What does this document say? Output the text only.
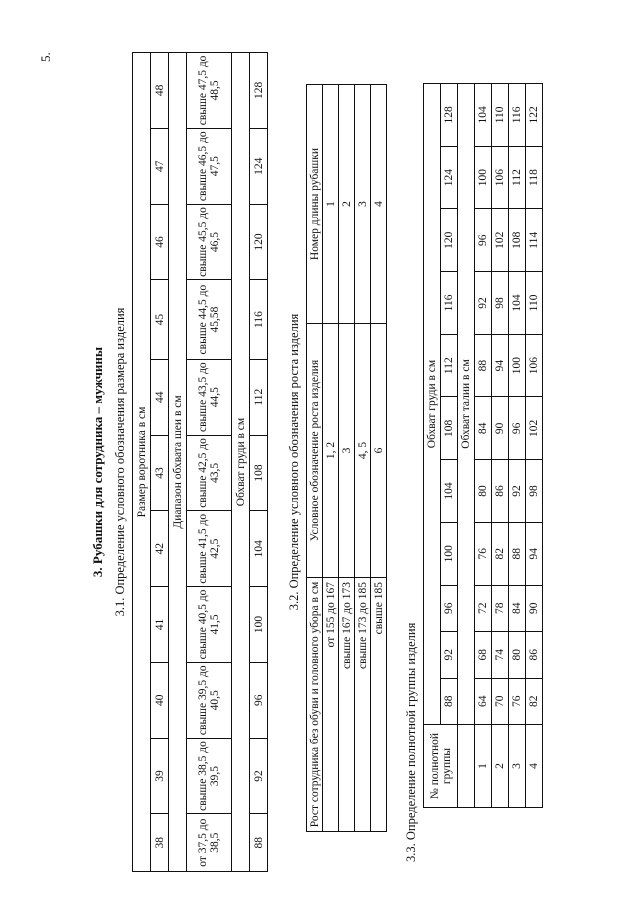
5.
3. Рубашки для сотрудника – мужчины 3.1. Определение условного обозначения размера изделия Размер воротника в см										
38	39	40	41	42	43	44	45	46	47	48
Диапазон обхвата шеи в см										
от 37,5 до 38,5	свыше 38,5 до 39,5	свыше 39,5 до 40,5	свыше 40,5 до 41,5	свыше 41,5 до 42,5	свыше 42,5 до 43,5	свыше 43,5 до 44,5	свыше 44,5 до 45,58	свыше 45,5 до 46,5	свыше 46,5 до 47,5	свыше 47,5 до 48,5
Обхват груди в см										
88	92	96	100	104	108	112	116	120	124	128
3.2. Определение условного обозначения роста изделия
Рост сотрудника без обуви и головного убора в см	Условное обозначение роста изделия	Номер длины рубашки
от 155 до 167	1, 2	1
свыше 167 до 173	3	2
свыше 173 до 185	4, 5	3
свыше 185	6	4
3.3. Определение полнотной группы изделия № полнотной группы	Обхват груди в см										
	88	92	96	100	104	108	112	116	120	124	128
	Обхват талии в см										
1	64	68	72	76	80	84	88	92	96	100	104
2	70	74	78	82	86	90	94	98	102	106	110
3	76	80	84	88	92	96	100	104	108	112	116
4	82	86	90	94	98	102	106	110	114	118	122
